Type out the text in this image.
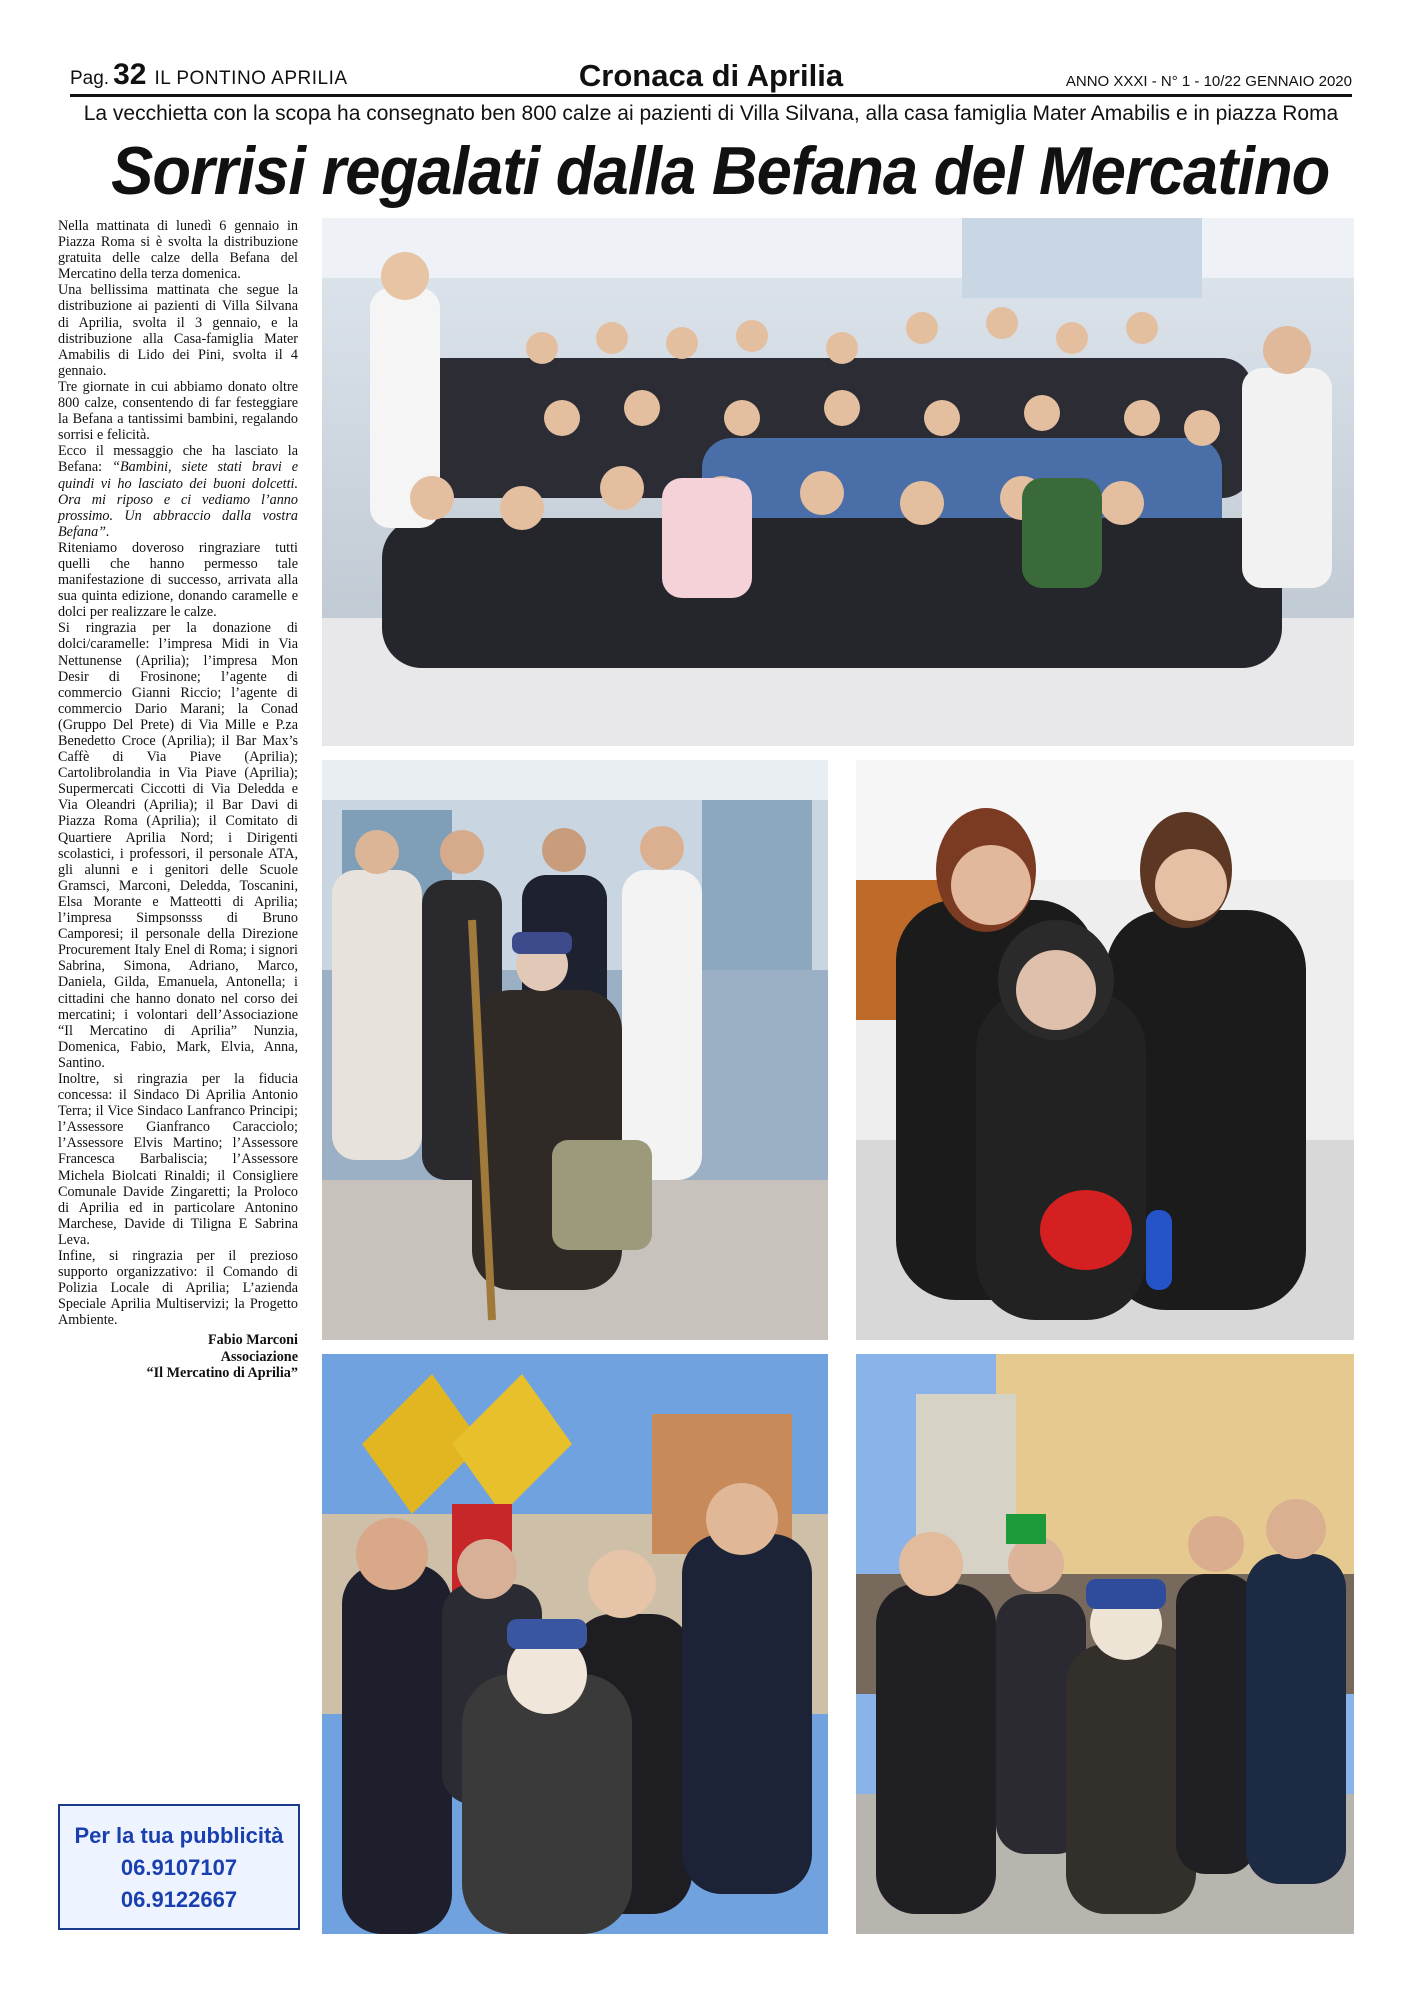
Pag. 32 IL PONTINO APRILIA	Cronaca di Aprilia	ANNO XXXI - N° 1 - 10/22 GENNAIO 2020
La vecchietta con la scopa ha consegnato ben 800 calze ai pazienti di Villa Silvana, alla casa famiglia Mater Amabilis e in piazza Roma
Sorrisi regalati dalla Befana del Mercatino

Nella mattinata di lunedì 6 gennaio in Piazza Roma si è svolta la distribuzione gratuita delle calze della Befana del Mercatino della terza domenica.

Una bellissima mattinata che segue la distribuzione ai pazienti di Villa Silvana di Aprilia, svolta il 3 gennaio, e la distribuzione alla Casa-famiglia Mater Amabilis di Lido dei Pini, svolta il 4 gennaio.

Tre giornate in cui abbiamo donato oltre 800 calze, consentendo di far festeggiare la Befana a tantissimi bambini, regalando sorrisi e felicità.

Ecco il messaggio che ha lasciato la Befana: “Bambini, siete stati bravi e quindi vi ho lasciato dei buoni dolcetti. Ora mi riposo e ci vediamo l’anno prossimo. Un abbraccio dalla vostra Befana”.

Riteniamo doveroso ringraziare tutti quelli che hanno permesso tale manifestazione di successo, arrivata alla sua quinta edizione, donando caramelle e dolci per realizzare le calze.

Si ringrazia per la donazione di dolci/caramelle: l’impresa Midi in Via Nettunense (Aprilia); l’impresa Mon Desir di Frosinone; l’agente di commercio Gianni Riccio; l’agente di commercio Dario Marani; la Conad (Gruppo Del Prete) di Via Mille e P.za Benedetto Croce (Aprilia); il Bar Max’s Caffè di Via Piave (Aprilia); Cartolibrolandia in Via Piave (Aprilia); Supermercati Ciccotti di Via Deledda e Via Oleandri (Aprilia); il Bar Davi di Piazza Roma (Aprilia); il Comitato di Quartiere Aprilia Nord; i Dirigenti scolastici, i professori, il personale ATA, gli alunni e i genitori delle Scuole Gramsci, Marconi, Deledda, Toscanini, Elsa Morante e Matteotti di Aprilia; l’impresa Simpsonsss di Bruno Camporesi; il personale della Direzione Procurement Italy Enel di Roma; i signori Sabrina, Simona, Adriano, Marco, Daniela, Gilda, Emanuela, Antonella; i cittadini che hanno donato nel corso dei mercatini; i volontari dell’Associazione “Il Mercatino di Aprilia” Nunzia, Domenica, Fabio, Mark, Elvia, Anna, Santino.

Inoltre, si ringrazia per la fiducia concessa: il Sindaco Di Aprilia Antonio Terra; il Vice Sindaco Lanfranco Principi; l’Assessore Gianfranco Caracciolo; l’Assessore Elvis Martino; l’Assessore Francesca Barbaliscia; l’Assessore Michela Biolcati Rinaldi; il Consigliere Comunale Davide Zingaretti; la Proloco di Aprilia ed in particolare Antonino Marchese, Davide di Tiligna E Sabrina Leva.

Infine, si ringrazia per il prezioso supporto organizzativo: il Comando di Polizia Locale di Aprilia; L’azienda Speciale Aprilia Multiservizi; la Progetto Ambiente.

Fabio Marconi

Associazione

“Il Mercatino di Aprilia”

Per la tua pubblicità
06.9107107
06.9122667
